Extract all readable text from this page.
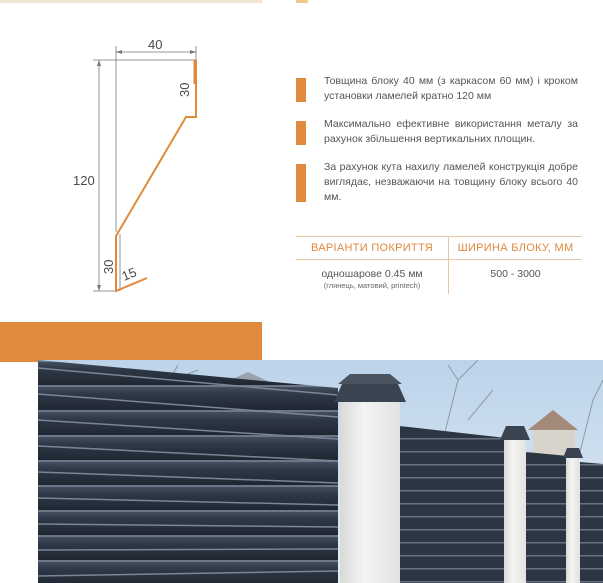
40
30
120
30 15
Товщина блоку 40 мм (з каркасом 60 мм) і кроком установки ламелей кратно 120 мм
Максимально ефективне використання металу за рахунок збільшення вертикальних площин.
За рахунок кута нахилу ламелей конструкція добре виглядає, незважаючи на товщину блоку всього 40 мм.
ВАРІАНТИ ПОКРИТТЯ	ШИРИНА БЛОКУ, ММ
одношарове 0.45 мм
(глянець, матовий, printech)	500 - 3000
